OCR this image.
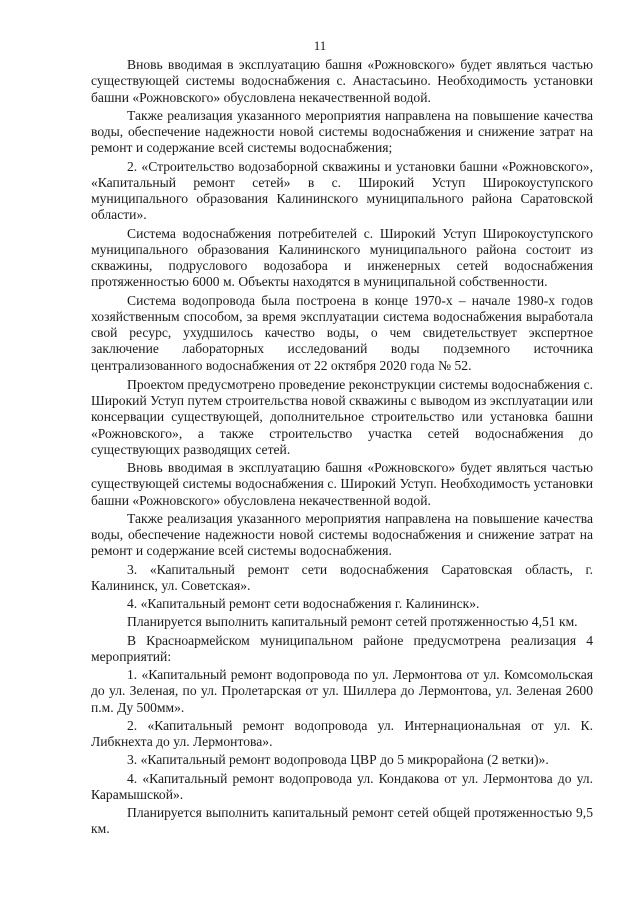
11

Вновь вводимая в эксплуатацию башня «Рожновского» будет являться частью существующей системы водоснабжения с. Анастасьино. Необходимость установки башни «Рожновского» обусловлена некачественной водой.

Также реализация указанного мероприятия направлена на повышение качества воды, обеспечение надежности новой системы водоснабжения и снижение затрат на ремонт и содержание всей системы водоснабжения;

2. «Строительство водозаборной скважины и установки башни «Рожновского», «Капитальный ремонт сетей» в с. Широкий Уступ Широкоуступского муниципального образования Калининского муниципального района Саратовской области».

Система водоснабжения потребителей с. Широкий Уступ Широкоуступского муниципального образования Калининского муниципального района состоит из скважины, подруслового водозабора и инженерных сетей водоснабжения протяженностью 6000 м. Объекты находятся в муниципальной собственности.

Система водопровода была построена в конце 1970-х – начале 1980-х годов хозяйственным способом, за время эксплуатации система водоснабжения выработала свой ресурс, ухудшилось качество воды, о чем свидетельствует экспертное заключение лабораторных исследований воды подземного источника централизованного водоснабжения от 22 октября 2020 года № 52.

Проектом предусмотрено проведение реконструкции системы водоснабжения с. Широкий Уступ путем строительства новой скважины с выводом из эксплуатации или консервации существующей, дополнительное строительство или установка башни «Рожновского», а также строительство участка сетей водоснабжения до существующих разводящих сетей.

Вновь вводимая в эксплуатацию башня «Рожновского» будет являться частью существующей системы водоснабжения с. Широкий Уступ. Необходимость установки башни «Рожновского» обусловлена некачественной водой.

Также реализация указанного мероприятия направлена на повышение качества воды, обеспечение надежности новой системы водоснабжения и снижение затрат на ремонт и содержание всей системы водоснабжения.

3. «Капитальный ремонт сети водоснабжения Саратовская область, г. Калининск, ул. Советская».

4. «Капитальный ремонт сети водоснабжения г. Калининск».

Планируется выполнить капитальный ремонт сетей протяженностью 4,51 км.

В Красноармейском муниципальном районе предусмотрена реализация 4 мероприятий:

1. «Капитальный ремонт водопровода по ул. Лермонтова от ул. Комсомольская до ул. Зеленая, по ул. Пролетарская от ул. Шиллера до Лермонтова, ул. Зеленая 2600 п.м. Ду 500мм».

2. «Капитальный ремонт водопровода ул. Интернациональная от ул. К. Либкнехта до ул. Лермонтова».

3. «Капитальный ремонт водопровода ЦВР до 5 микрорайона (2 ветки)».

4. «Капитальный ремонт водопровода ул. Кондакова от ул. Лермонтова до ул. Карамышской».

Планируется выполнить капитальный ремонт сетей общей протяженностью 9,5 км.
